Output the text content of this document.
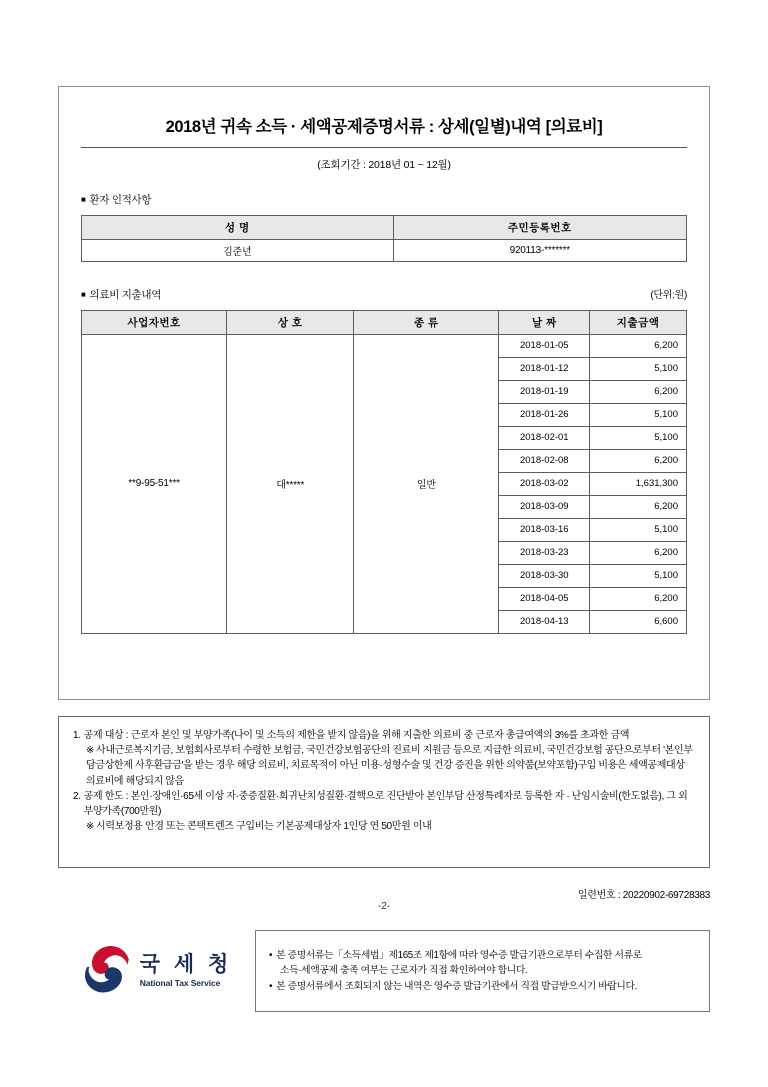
2018년 귀속 소득 · 세액공제증명서류 : 상세(일별)내역 [의료비]
(조회기간 : 2018년 01 ~ 12월)
■ 환자 인적사항
성 명	주민등록번호
김준년	920113-*******
■ 의료비 지출내역	(단위:원)
사업자번호	상 호	종 류	날 짜	지출금액
**9-95-51***	대*****	일반	2018-01-05	6,200
			2018-01-12	5,100
			2018-01-19	6,200
			2018-01-26	5,100
			2018-02-01	5,100
			2018-02-08	6,200
			2018-03-02	1,631,300
			2018-03-09	6,200
			2018-03-16	5,100
			2018-03-23	6,200
			2018-03-30	5,100
			2018-04-05	6,200
			2018-04-13	6,600
1. 공제 대상 : 근로자 본인 및 부양가족(나이 및 소득의 제한을 받지 않음)을 위해 지출한 의료비 중 근로자 총급여액의 3%를 초과한 금액
※ 사내근로복지기금, 보험회사로부터 수령한 보험금, 국민건강보험공단의 진료비 지원금 등으로 지급한 의료비, 국민건강보험 공단으로부터 '본인부담금상한제 사후환급금'을 받는 경우 해당 의료비, 치료목적이 아닌 미용·성형수술 및 건강 증진을 위한 의약품(보약포함)구입 비용은 세액공제대상 의료비에 해당되지 않음
2. 공제 한도 : 본인·장애인·65세 이상 자·중증질환·희귀난치성질환·결핵으로 진단받아 본인부담 산정특례자로 등록한 자 · 난임시술비(한도없음), 그 외 부양가족(700만원)
※ 시력보정용 안경 또는 콘택트렌즈 구입비는 기본공제대상자 1인당 연 50만원 이내
일련번호 : 20220902-69728383
-2-
국 세 청
National Tax Service
• 본 증명서류는「소득세법」제165조 제1항에 따라 영수증 발급기관으로부터 수집한 서류로
소득·세액공제 충족 여부는 근로자가 직접 확인하여야 합니다.
• 본 증명서류에서 조회되지 않는 내역은 영수증 발급기관에서 직접 발급받으시기 바랍니다.
